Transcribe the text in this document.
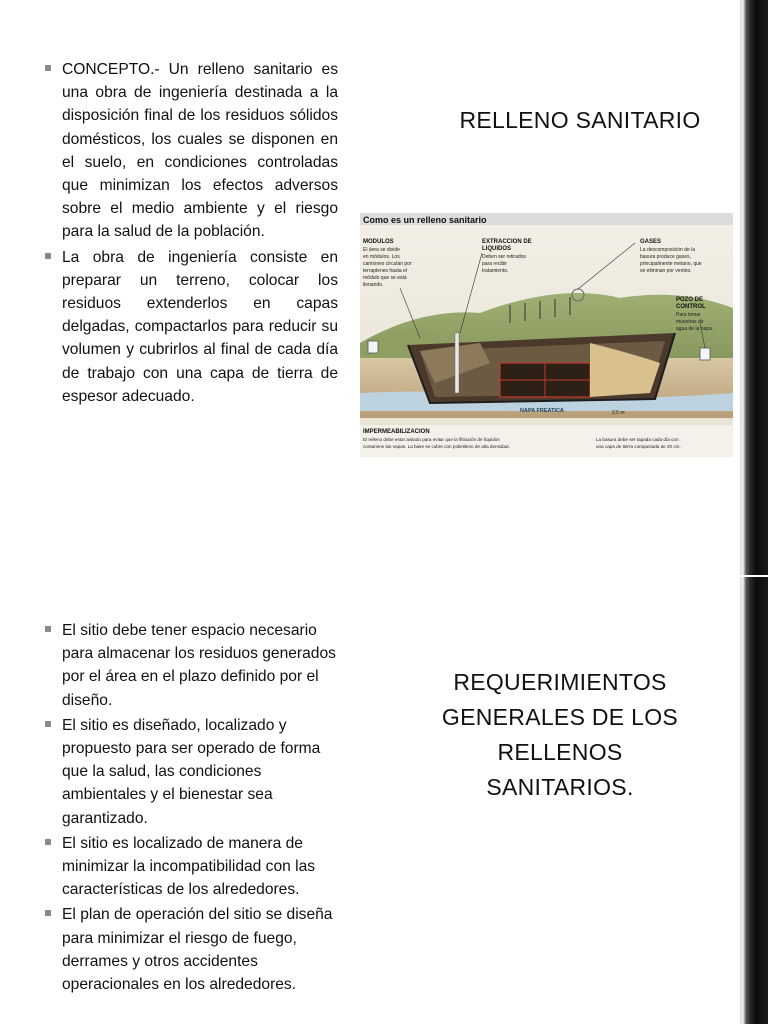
CONCEPTO.- Un relleno sanitario es una obra de ingeniería destinada a la disposición final de los residuos sólidos domésticos, los cuales se disponen en el suelo, en condiciones controladas que minimizan los efectos adversos sobre el medio ambiente y el riesgo para la salud de la población.
La obra de ingeniería consiste en preparar un terreno, colocar los residuos extenderlos en capas delgadas, compactarlos para reducir su volumen y cubrirlos al final de cada día de trabajo con una capa de tierra de espesor adecuado.
RELLENO SANITARIO
Como es un relleno sanitario
MODULOS
El área se divide en módulos. Los camiones circulan por terraplenes hasta el módulo que se está llenando.
EXTRACCION DE LIQUIDOS
Deben ser retirados para recibir tratamiento.
GASES
La descomposición de la basura produce gases, principalmente metano, que se eliminan por venteo.
POZO DE CONTROL
Para tomar muestras de agua de la napa.
NAPA FREATICA	2,5 m
IMPERMEABILIZACION
El relleno debe estar aislado para evitar que la filtración de líquidos contamine las napas. La base se cubre con polietileno de alta densidad.
La basura debe ser tapada cada día con una capa de tierra compactada de 20 cm.
El sitio debe tener espacio necesario para almacenar los residuos generados por el área en el plazo definido por el diseño.
El sitio es diseñado, localizado y propuesto para ser operado de forma que la salud, las condiciones ambientales y el bienestar sea garantizado.
El sitio es localizado de manera de minimizar la incompatibilidad con las características de los alrededores.
El plan de operación del sitio se diseña para minimizar el riesgo de fuego, derrames y otros accidentes operacionales en los alrededores.
REQUERIMIENTOS
GENERALES DE LOS
RELLENOS
SANITARIOS.
